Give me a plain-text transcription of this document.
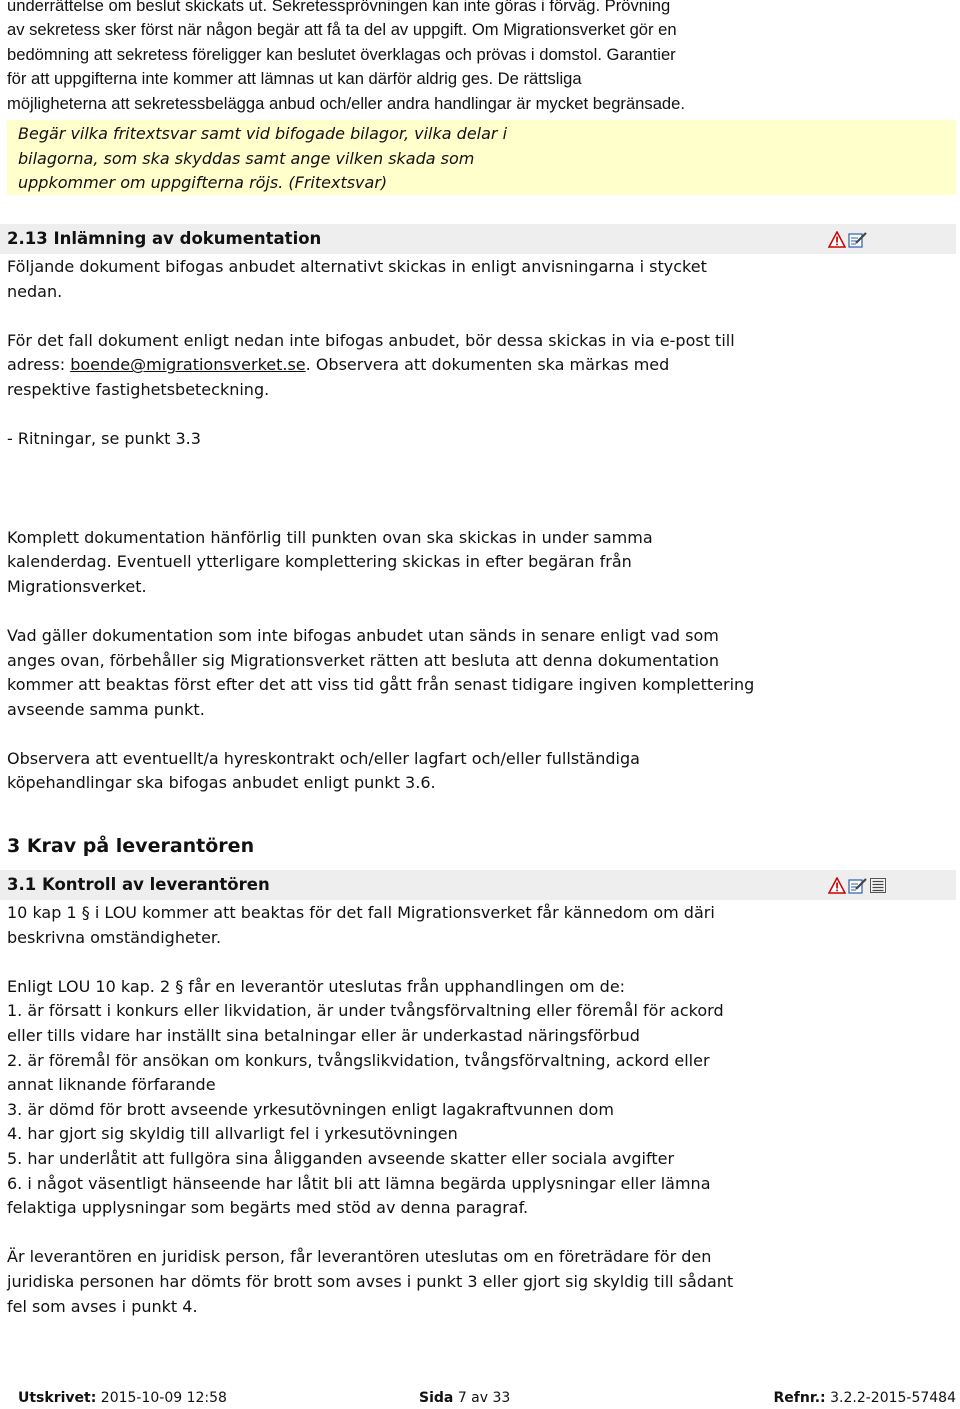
underrättelse om beslut skickats ut. Sekretessprövningen kan inte göras i förväg. Prövning

av sekretess sker först när någon begär att få ta del av uppgift. Om Migrationsverket gör en

bedömning att sekretess föreligger kan beslutet överklagas och prövas i domstol. Garantier

för att uppgifterna inte kommer att lämnas ut kan därför aldrig ges. De rättsliga

möjligheterna att sekretessbelägga anbud och/eller andra handlingar är mycket begränsade.

Begär vilka fritextsvar samt vid bifogade bilagor, vilka delar i

bilagorna, som ska skyddas samt ange vilken skada som

uppkommer om uppgifterna röjs. (Fritextsvar)

2.13 Inlämning av dokumentation

Följande dokument bifogas anbudet alternativt skickas in enligt anvisningarna i stycket

nedan.

För det fall dokument enligt nedan inte bifogas anbudet, bör dessa skickas in via e-post till

adress: boende@migrationsverket.se. Observera att dokumenten ska märkas med

respektive fastighetsbeteckning.

- Ritningar, se punkt 3.3

Komplett dokumentation hänförlig till punkten ovan ska skickas in under samma

kalenderdag. Eventuell ytterligare komplettering skickas in efter begäran från

Migrationsverket.

Vad gäller dokumentation som inte bifogas anbudet utan sänds in senare enligt vad som

anges ovan, förbehåller sig Migrationsverket rätten att besluta att denna dokumentation

kommer att beaktas först efter det att viss tid gått från senast tidigare ingiven komplettering

avseende samma punkt.

Observera att eventuellt/a hyreskontrakt och/eller lagfart och/eller fullständiga

köpehandlingar ska bifogas anbudet enligt punkt 3.6.

3 Krav på leverantören
3.1 Kontroll av leverantören

10 kap 1 § i LOU kommer att beaktas för det fall Migrationsverket får kännedom om däri

beskrivna omständigheter.

Enligt LOU 10 kap. 2 § får en leverantör uteslutas från upphandlingen om de:

1. är försatt i konkurs eller likvidation, är under tvångsförvaltning eller föremål för ackord

eller tills vidare har inställt sina betalningar eller är underkastad näringsförbud

2. är föremål för ansökan om konkurs, tvångslikvidation, tvångsförvaltning, ackord eller

annat liknande förfarande

3. är dömd för brott avseende yrkesutövningen enligt lagakraftvunnen dom

4. har gjort sig skyldig till allvarligt fel i yrkesutövningen

5. har underlåtit att fullgöra sina åligganden avseende skatter eller sociala avgifter

6. i något väsentligt hänseende har låtit bli att lämna begärda upplysningar eller lämna

felaktiga upplysningar som begärts med stöd av denna paragraf.

Är leverantören en juridisk person, får leverantören uteslutas om en företrädare för den

juridiska personen har dömts för brott som avses i punkt 3 eller gjort sig skyldig till sådant

fel som avses i punkt 4.

Utskrivet: 2015-10-09 12:58	Sida 7 av 33	Refnr.: 3.2.2-2015-57484
